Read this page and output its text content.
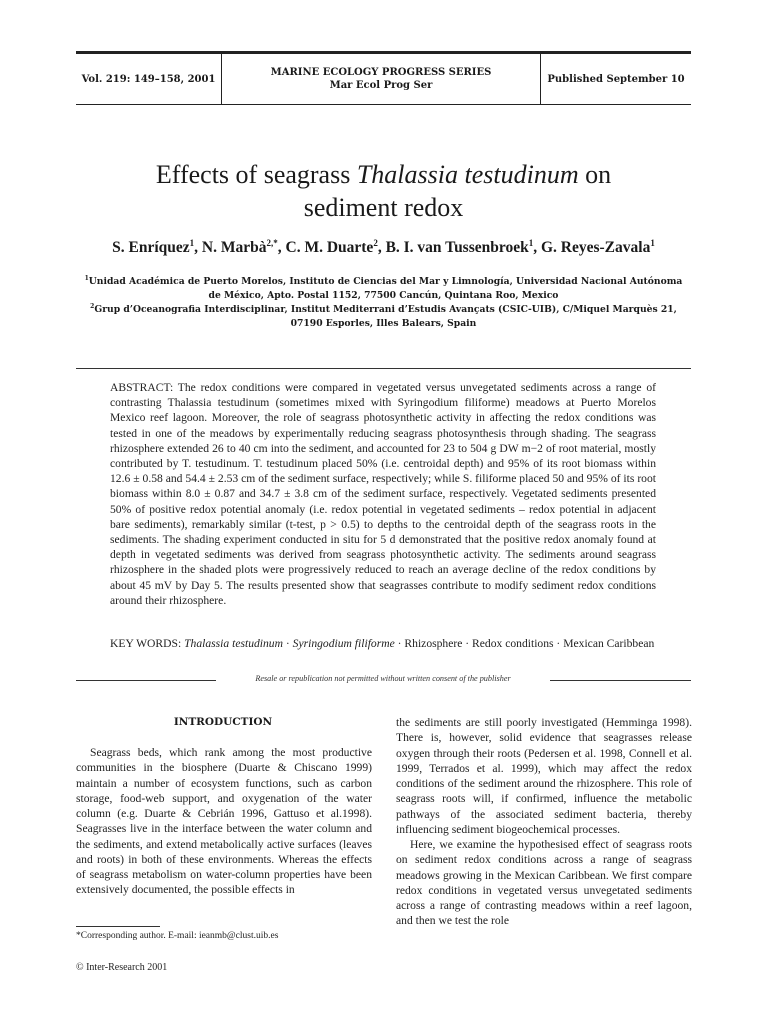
Vol. 219: 149–158, 2001
MARINE ECOLOGY PROGRESS SERIES
Mar Ecol Prog Ser
Published September 10
Effects of seagrass Thalassia testudinum on
sediment redox
S. Enríquez$^1$, N. Marbà$^{2,*}$, C. M. Duarte$^2$, B. I. van Tussenbroek$^1$, G. Reyes-Zavala$^1$
$^1$Unidad Académica de Puerto Morelos, Instituto de Ciencias del Mar y Limnología, Universidad Nacional Autónoma
de México, Apto. Postal 1152, 77500 Cancún, Quintana Roo, Mexico
$^2$Grup d’Oceanografia Interdisciplinar, Institut Mediterrani d’Estudis Avançats (CSIC-UIB), C/Miquel Marquès 21,
07190 Esporles, Illes Balears, Spain
ABSTRACT: The redox conditions were compared in vegetated versus unvegetated sediments across a range of contrasting Thalassia testudinum (sometimes mixed with Syringodium filiforme) meadows at Puerto Morelos Mexico reef lagoon. Moreover, the role of seagrass photosynthetic activity in affecting the redox conditions was tested in one of the meadows by experimentally reducing seagrass photosynthesis through shading. The seagrass rhizosphere extended 26 to 40 cm into the sediment, and accounted for 23 to 504 g DW m−2 of root material, mostly contributed by T. testudinum. T. testudinum placed 50% (i.e. centroidal depth) and 95% of its root biomass within 12.6 ± 0.58 and 54.4 ± 2.53 cm of the sediment surface, respectively; while S. filiforme placed 50 and 95% of its root biomass within 8.0 ± 0.87 and 34.7 ± 3.8 cm of the sediment surface, respectively. Vegetated sediments presented 50% of positive redox potential anomaly (i.e. redox potential in vegetated sediments – redox potential in adjacent bare sediments), remarkably similar (t-test, p > 0.5) to depths to the centroidal depth of the seagrass roots in the sediments. The shading experiment conducted in situ for 5 d demonstrated that the positive redox anomaly found at depth in vegetated sediments was derived from seagrass photosynthetic activity. The sediments around seagrass rhizosphere in the shaded plots were progressively reduced to reach an average decline of the redox conditions by about 45 mV by Day 5. The results presented show that seagrasses contribute to modify sediment redox conditions around their rhizosphere.
KEY WORDS: Thalassia testudinum · Syringodium filiforme · Rhizosphere · Redox conditions · Mexican Caribbean
Resale or republication not permitted without written consent of the publisher
INTRODUCTION

Seagrass beds, which rank among the most productive communities in the biosphere (Duarte & Chiscano 1999) maintain a number of ecosystem functions, such as carbon storage, food-web support, and oxygenation of the water column (e.g. Duarte & Cebrián 1996, Gattuso et al.1998). Seagrasses live in the interface between the water column and the sediments, and extend metabolically active surfaces (leaves and roots) in both of these environments. Whereas the effects of seagrass metabolism on water-column properties have been extensively documented, the possible effects in

the sediments are still poorly investigated (Hemminga 1998). There is, however, solid evidence that seagrasses release oxygen through their roots (Pedersen et al. 1998, Connell et al. 1999, Terrados et al. 1999), which may affect the redox conditions of the sediment around the rhizosphere. This role of seagrass roots will, if confirmed, influence the metabolic pathways of the associated sediment bacteria, thereby influencing sediment biogeochemical processes.

Here, we examine the hypothesised effect of seagrass roots on sediment redox conditions across a range of seagrass meadows growing in the Mexican Caribbean. We first compare redox conditions in vegetated versus unvegetated sediments across a range of contrasting meadows within a reef lagoon, and then we test the role

*Corresponding author. E-mail: ieanmb@clust.uib.es
© Inter-Research 2001
